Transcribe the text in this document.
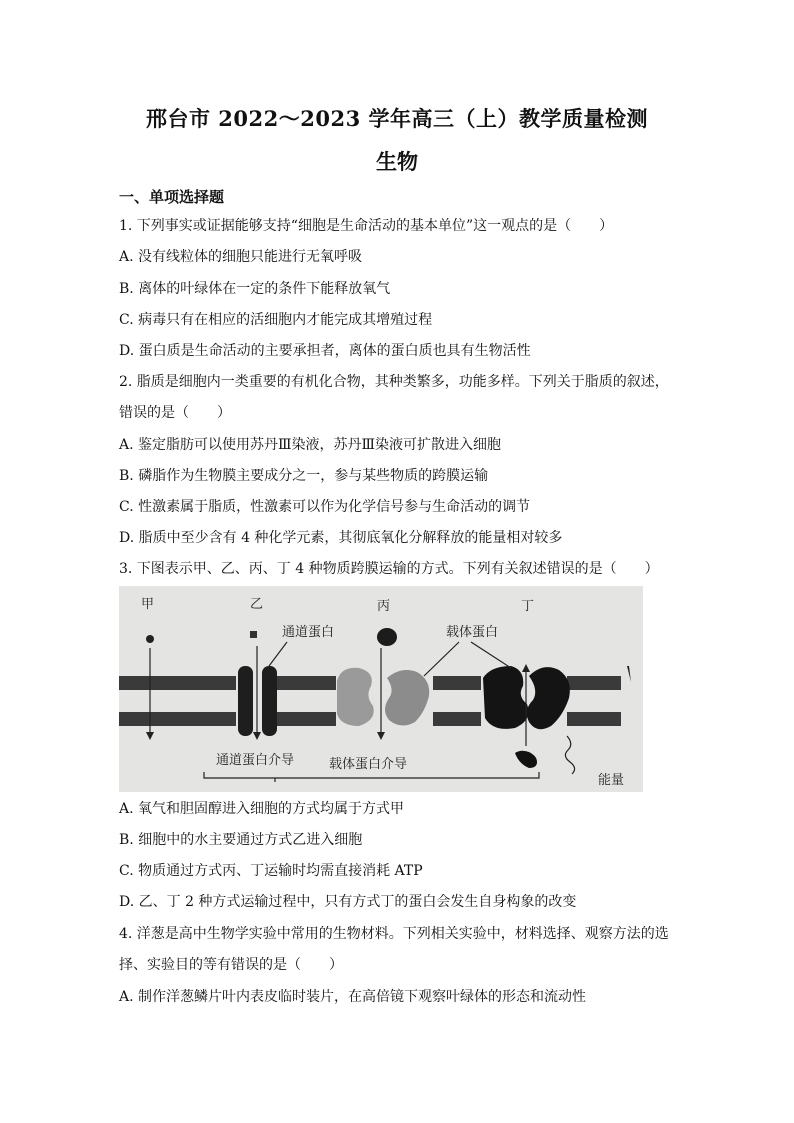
邢台市 2022～2023 学年高三（上）教学质量检测
生物
一、单项选择题
1. 下列事实或证据能够支持“细胞是生命活动的基本单位”这一观点的是（　　）
A. 没有线粒体的细胞只能进行无氧呼吸
B. 离体的叶绿体在一定的条件下能释放氧气
C. 病毒只有在相应的活细胞内才能完成其增殖过程
D. 蛋白质是生命活动的主要承担者，离体的蛋白质也具有生物活性
2. 脂质是细胞内一类重要的有机化合物，其种类繁多，功能多样。下列关于脂质的叙述，
错误的是（　　）
A. 鉴定脂肪可以使用苏丹Ⅲ染液，苏丹Ⅲ染液可扩散进入细胞
B. 磷脂作为生物膜主要成分之一，参与某些物质的跨膜运输
C. 性激素属于脂质，性激素可以作为化学信号参与生命活动的调节
D. 脂质中至少含有 4 种化学元素，其彻底氧化分解释放的能量相对较多
3. 下图表示甲、乙、丙、丁 4 种物质跨膜运输的方式。下列有关叙述错误的是（　　）
甲	乙	丙	丁
通道蛋白	载体蛋白
能量
通道蛋白介导	载体蛋白介导
A. 氧气和胆固醇进入细胞的方式均属于方式甲
B. 细胞中的水主要通过方式乙进入细胞
C. 物质通过方式丙、丁运输时均需直接消耗 ATP
D. 乙、丁 2 种方式运输过程中，只有方式丁的蛋白会发生自身构象的改变
4. 洋葱是高中生物学实验中常用的生物材料。下列相关实验中，材料选择、观察方法的选
择、实验目的等有错误的是（　　）
A. 制作洋葱鳞片叶内表皮临时装片，在高倍镜下观察叶绿体的形态和流动性
